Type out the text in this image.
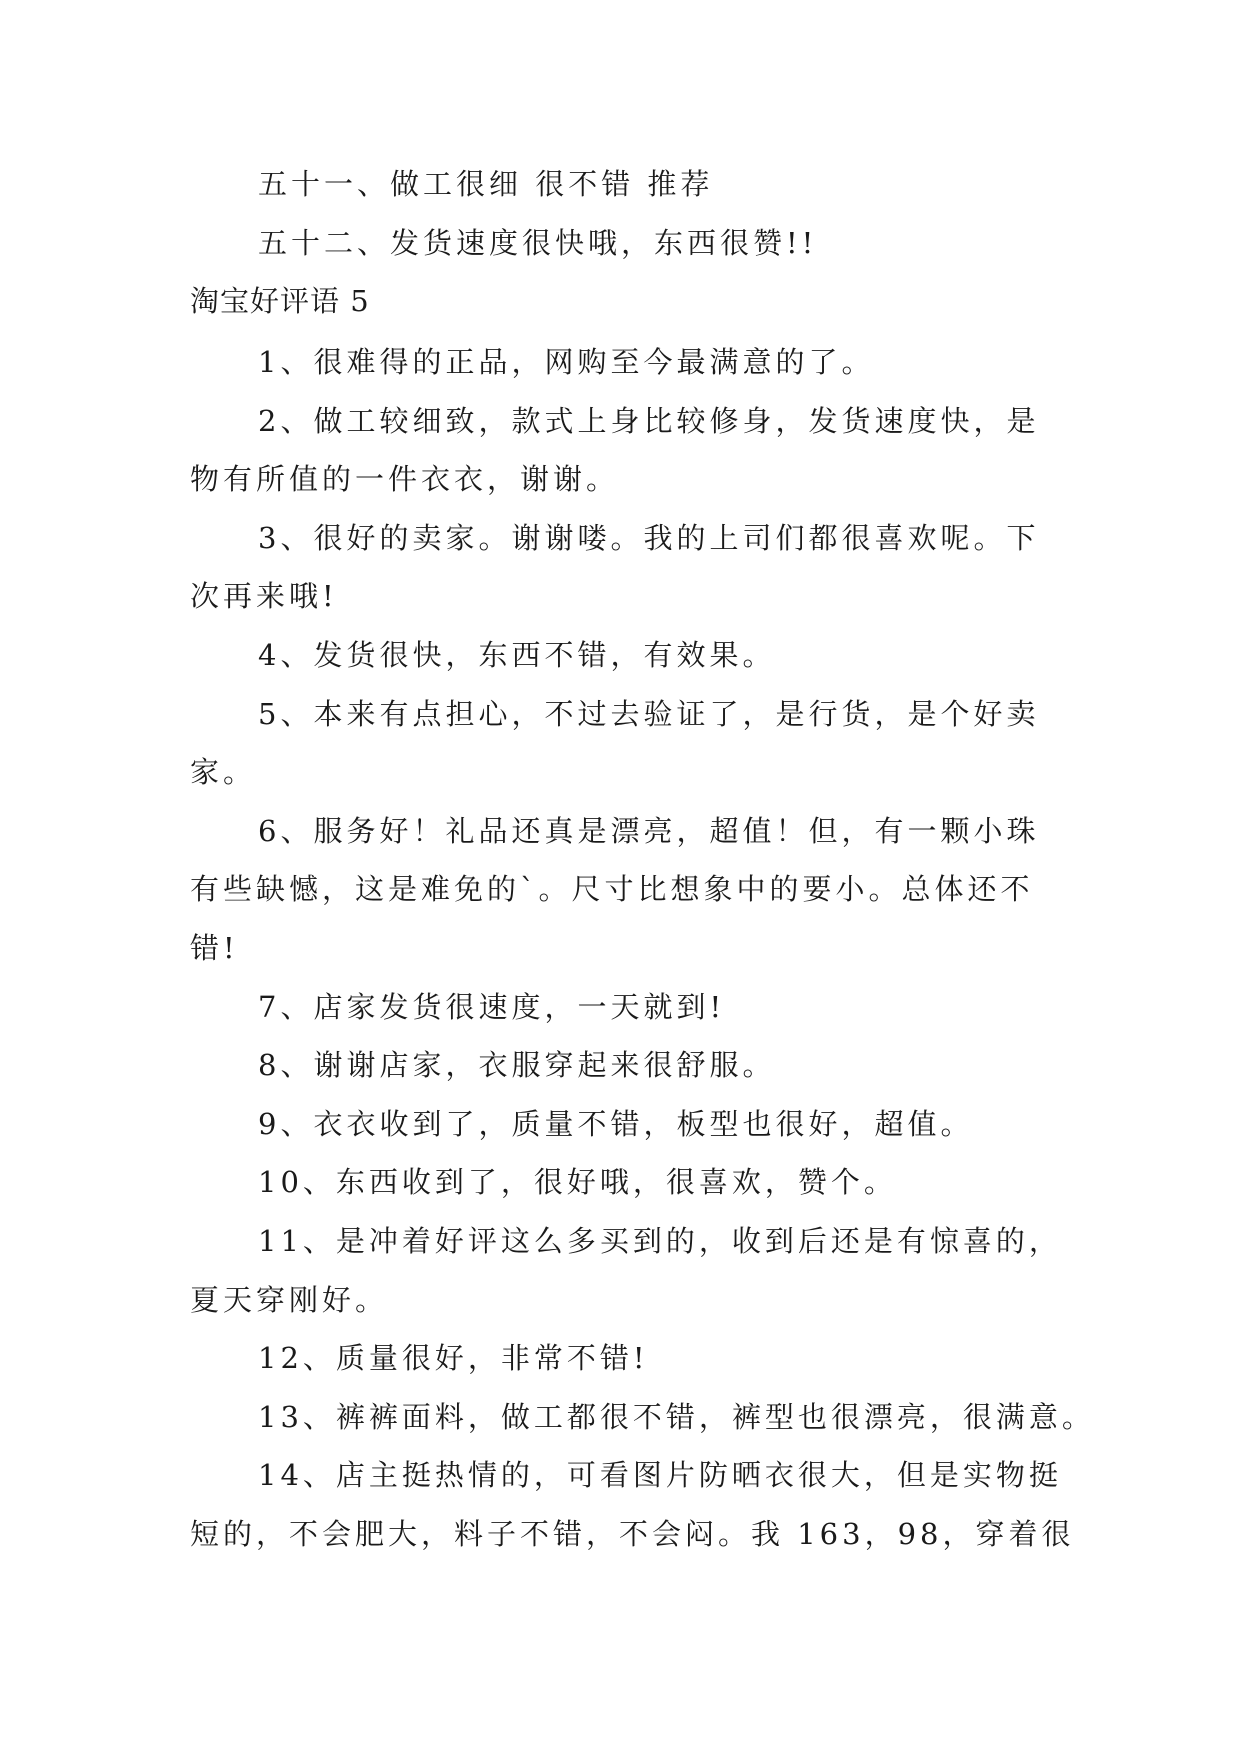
五十一、做工很细 很不错 推荐
五十二、发货速度很快哦，东西很赞!!
淘宝好评语 5
1、很难得的正品，网购至今最满意的了。
2、做工较细致，款式上身比较修身，发货速度快，是
物有所值的一件衣衣，谢谢。
3、很好的卖家。谢谢喽。我的上司们都很喜欢呢。下
次再来哦!
4、发货很快，东西不错，有效果。
5、本来有点担心，不过去验证了，是行货，是个好卖
家。
6、服务好！礼品还真是漂亮，超值！但，有一颗小珠
有些缺憾，这是难免的`。尺寸比想象中的要小。总体还不
错!
7、店家发货很速度，一天就到!
8、谢谢店家，衣服穿起来很舒服。
9、衣衣收到了，质量不错，板型也很好，超值。
10、东西收到了，很好哦，很喜欢，赞个。
11、是冲着好评这么多买到的，收到后还是有惊喜的，
夏天穿刚好。
12、质量很好，非常不错!
13、裤裤面料，做工都很不错，裤型也很漂亮，很满意。
14、店主挺热情的，可看图片防晒衣很大，但是实物挺
短的，不会肥大，料子不错，不会闷。我 163，98，穿着很
